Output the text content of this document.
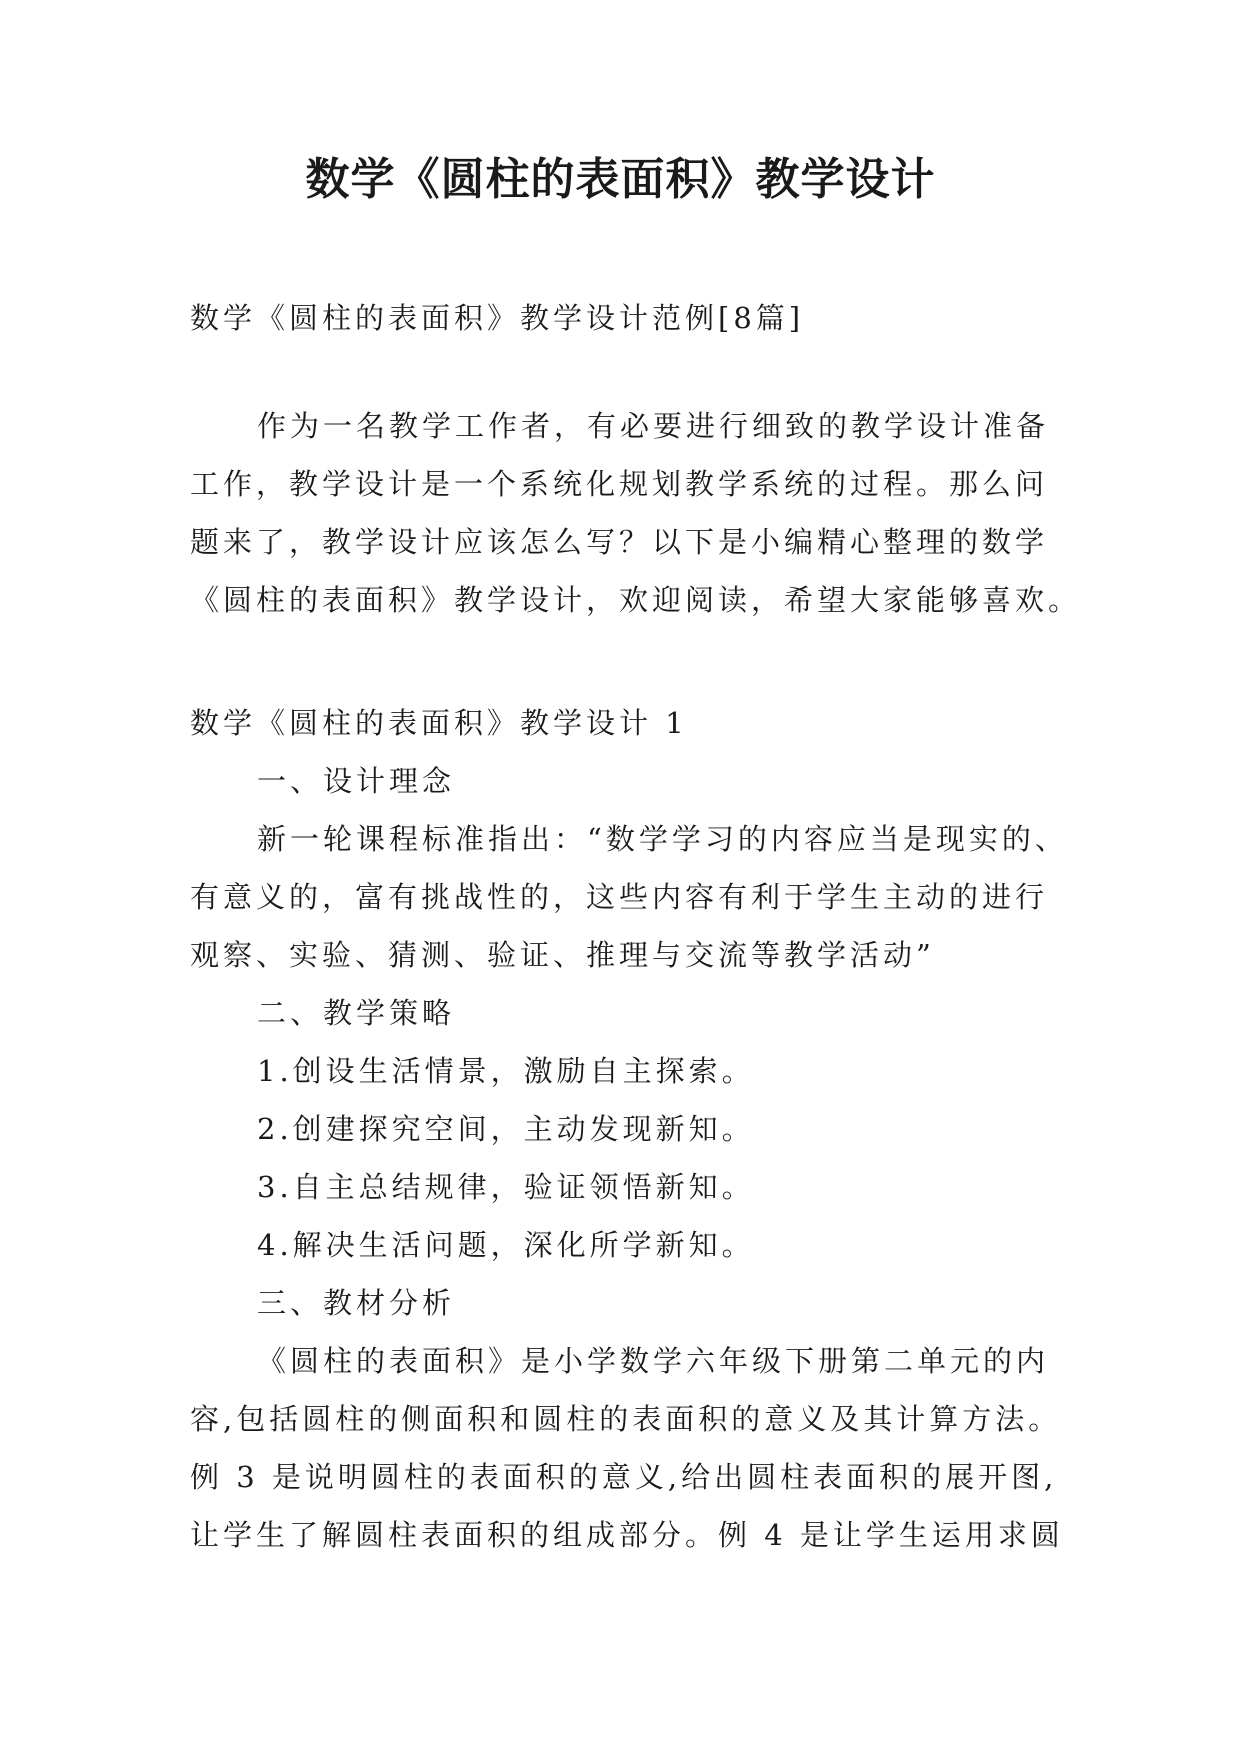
数学《圆柱的表面积》教学设计

数学《圆柱的表面积》教学设计范例[8篇]

作为一名教学工作者，有必要进行细致的教学设计准备

工作，教学设计是一个系统化规划教学系统的过程。那么问

题来了，教学设计应该怎么写？以下是小编精心整理的数学

《圆柱的表面积》教学设计，欢迎阅读，希望大家能够喜欢。

数学《圆柱的表面积》教学设计 1

一、设计理念

新一轮课程标准指出：“数学学习的内容应当是现实的、

有意义的，富有挑战性的，这些内容有利于学生主动的进行

观察、实验、猜测、验证、推理与交流等教学活动”

二、教学策略

1.创设生活情景，激励自主探索。

2.创建探究空间，主动发现新知。

3.自主总结规律，验证领悟新知。

4.解决生活问题，深化所学新知。

三、教材分析

《圆柱的表面积》是小学数学六年级下册第二单元的内

容,包括圆柱的侧面积和圆柱的表面积的意义及其计算方法。

例 3 是说明圆柱的表面积的意义,给出圆柱表面积的展开图,

让学生了解圆柱表面积的组成部分。例 4 是让学生运用求圆
